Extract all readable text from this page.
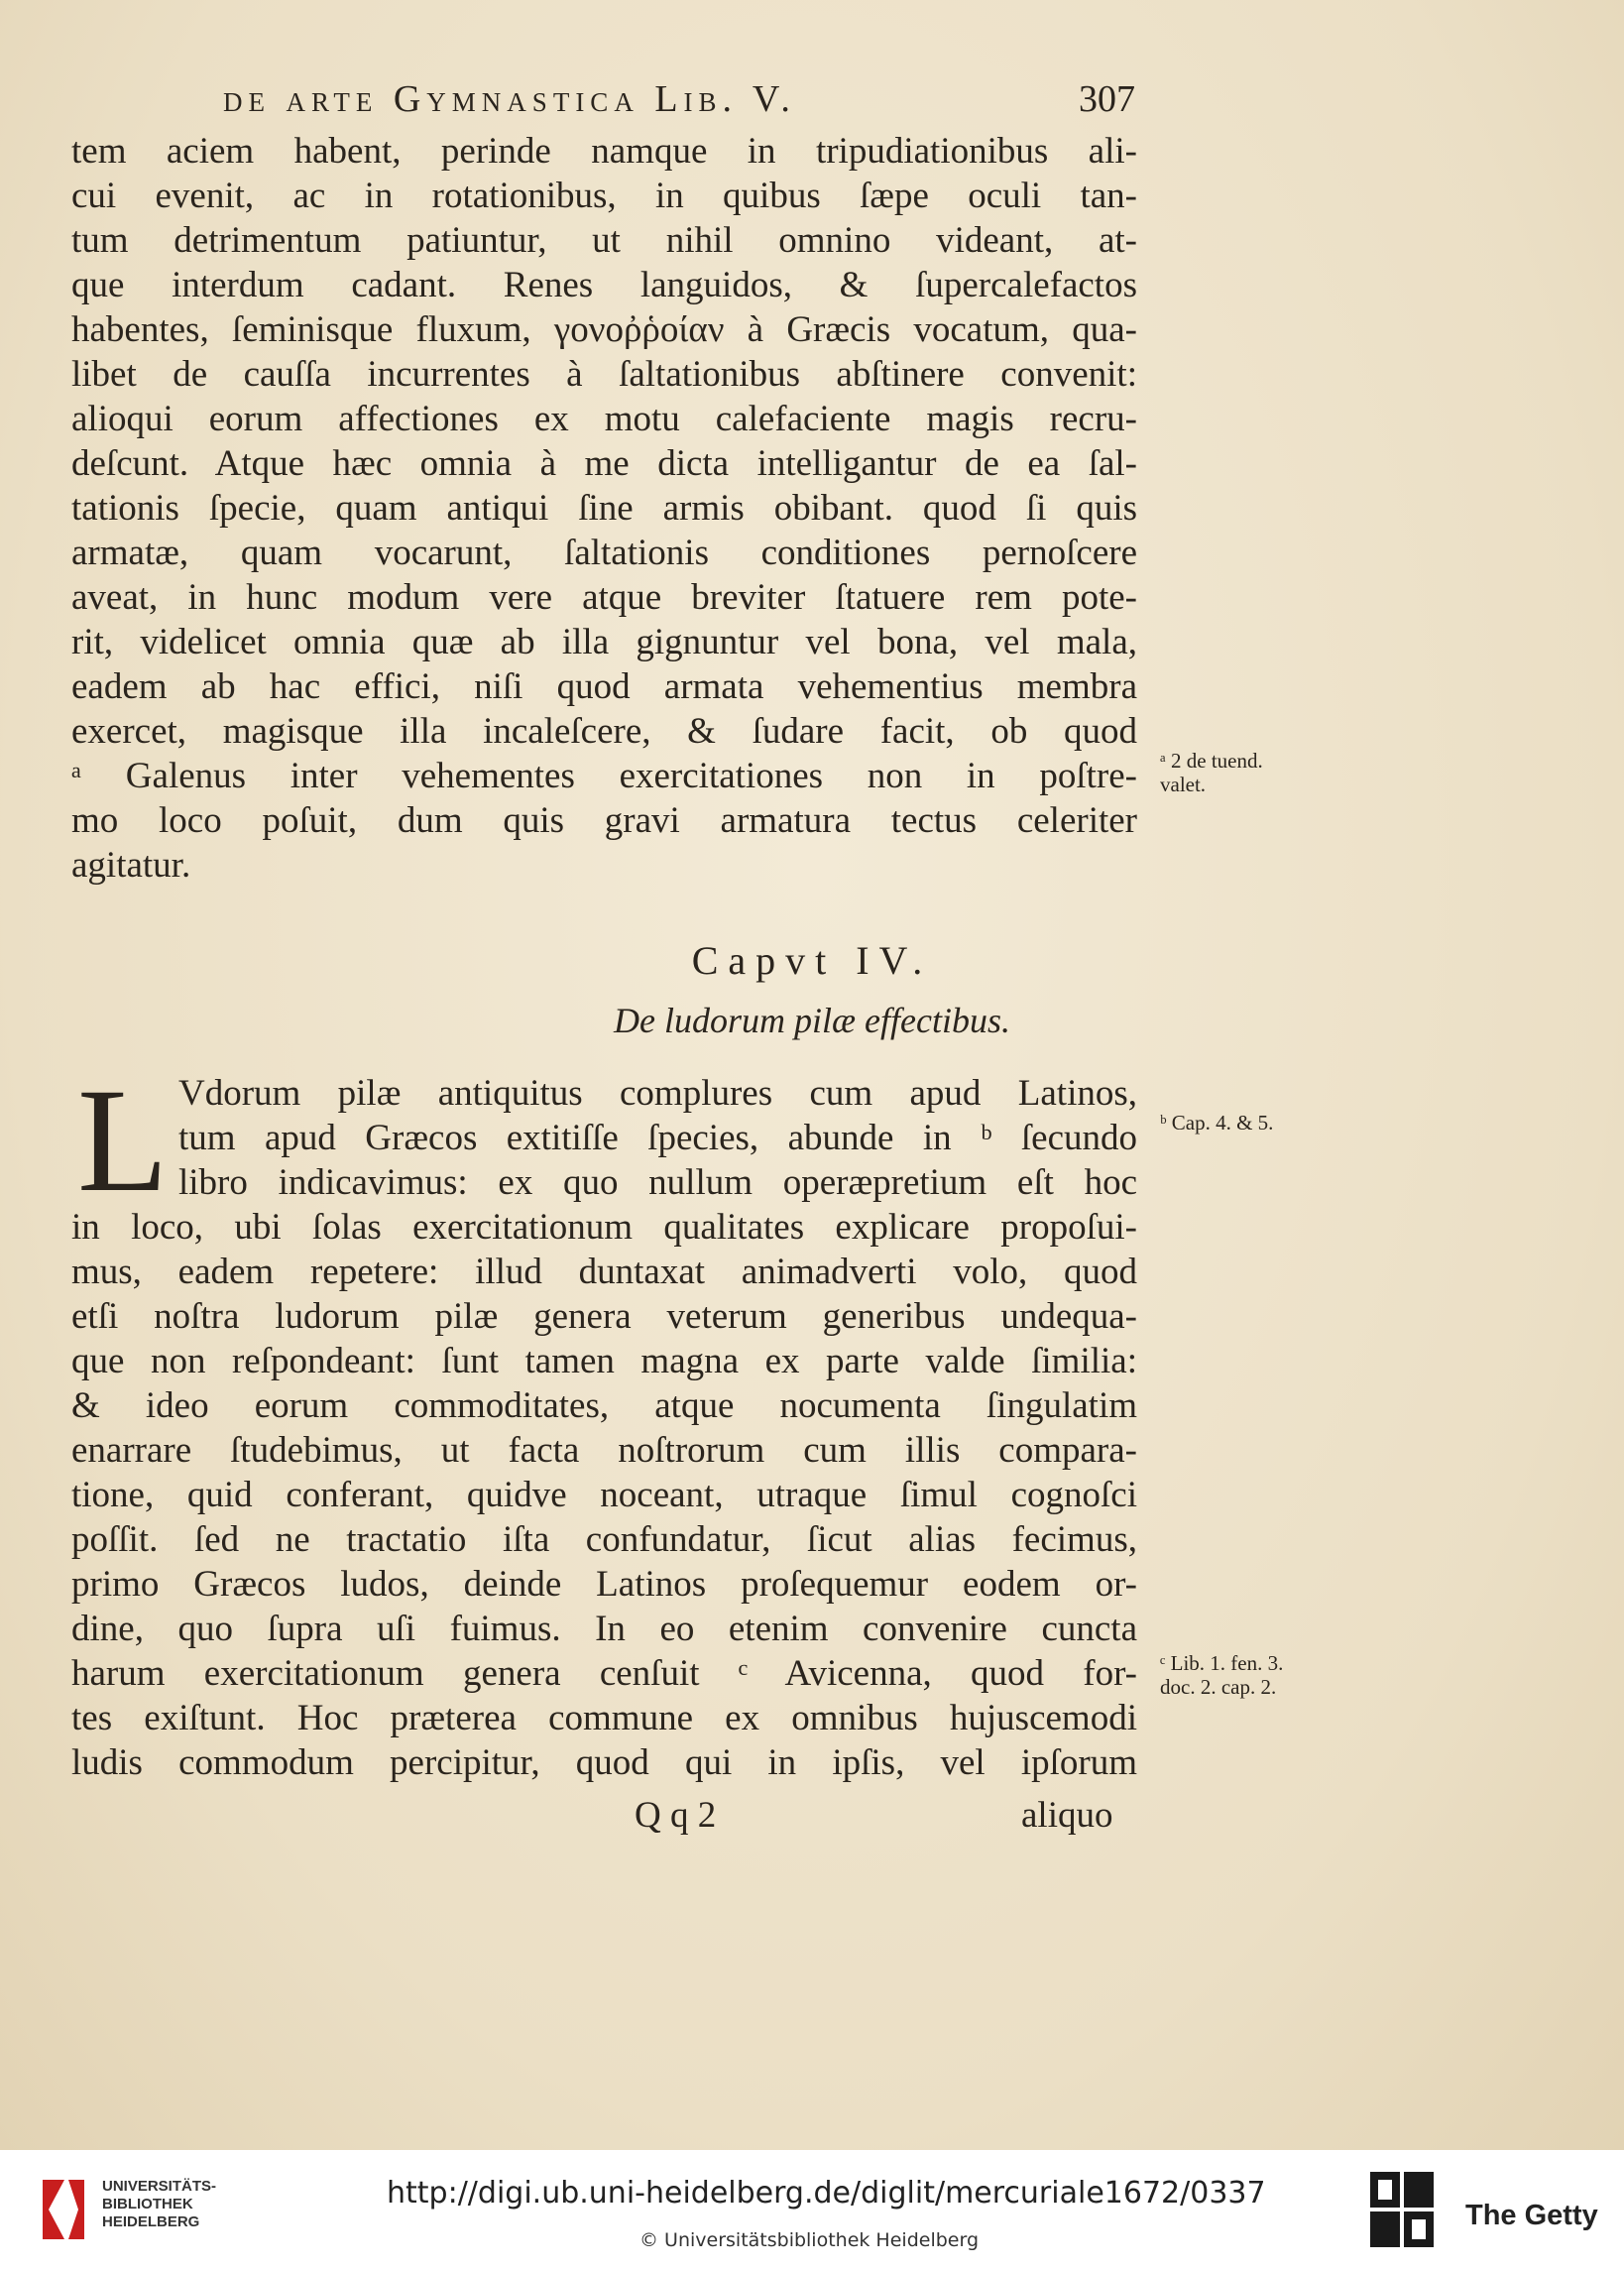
de arte Gymnastica Lib. V.	307
tem aciem habent, perinde namque in tripudiationibus ali-
cui evenit, ac in rotationibus, in quibus ſæpe oculi tan-
tum detrimentum patiuntur, ut nihil omnino videant, at-
que interdum cadant. Renes languidos, & ſupercalefactos
habentes, ſeminisque fluxum, γονοῤῥοίαν à Græcis vocatum, qua-
libet de cauſſa incurrentes à ſaltationibus abſtinere convenit:
alioqui eorum affectiones ex motu calefaciente magis recru-
deſcunt. Atque hæc omnia à me dicta intelligantur de ea ſal-
tationis ſpecie, quam antiqui ſine armis obibant. quod ſi quis
armatæ, quam vocarunt, ſaltationis conditiones pernoſcere
aveat, in hunc modum vere atque breviter ſtatuere rem pote-
rit, videlicet omnia quæ ab illa gignuntur vel bona, vel mala,
eadem ab hac effici, niſi quod armata vehementius membra
exercet, magisque illa incaleſcere, & ſudare facit, ob quod
ᵃ Galenus inter vehementes exercitationes non in poſtre-
mo loco poſuit, dum quis gravi armatura tectus celeriter
agitatur.
Capvt IV.
De ludorum pilæ effectibus.
L Vdorum pilæ antiquitus complures cum apud Latinos,
tum apud Græcos extitiſſe ſpecies, abunde in ᵇ ſecundo
libro indicavimus: ex quo nullum operæpretium eſt hoc
in loco, ubi ſolas exercitationum qualitates explicare propoſui-
mus, eadem repetere: illud duntaxat animadverti volo, quod
etſi noſtra ludorum pilæ genera veterum generibus undequa-
que non reſpondeant: ſunt tamen magna ex parte valde ſimilia:
& ideo eorum commoditates, atque nocumenta ſingulatim
enarrare ſtudebimus, ut facta noſtrorum cum illis compara-
tione, quid conferant, quidve noceant, utraque ſimul cognoſci
poſſit. ſed ne tractatio iſta confundatur, ſicut alias fecimus,
primo Græcos ludos, deinde Latinos proſequemur eodem or-
dine, quo ſupra uſi fuimus. In eo etenim convenire cuncta
harum exercitationum genera cenſuit ᶜ Avicenna, quod for-
tes exiſtunt. Hoc præterea commune ex omnibus hujuscemodi
ludis commodum percipitur, quod qui in ipſis, vel ipſorum
Q q 2	aliquo
ᵃ 2 de tuend.
valet.
ᵇ Cap. 4. & 5.
ᶜ Lib. 1. fen. 3.
doc. 2. cap. 2.
UNIVERSITÄTS-
BIBLIOTHEK
HEIDELBERG
http://digi.ub.uni-heidelberg.de/diglit/mercuriale1672/0337
© Universitätsbibliothek Heidelberg
The Getty
